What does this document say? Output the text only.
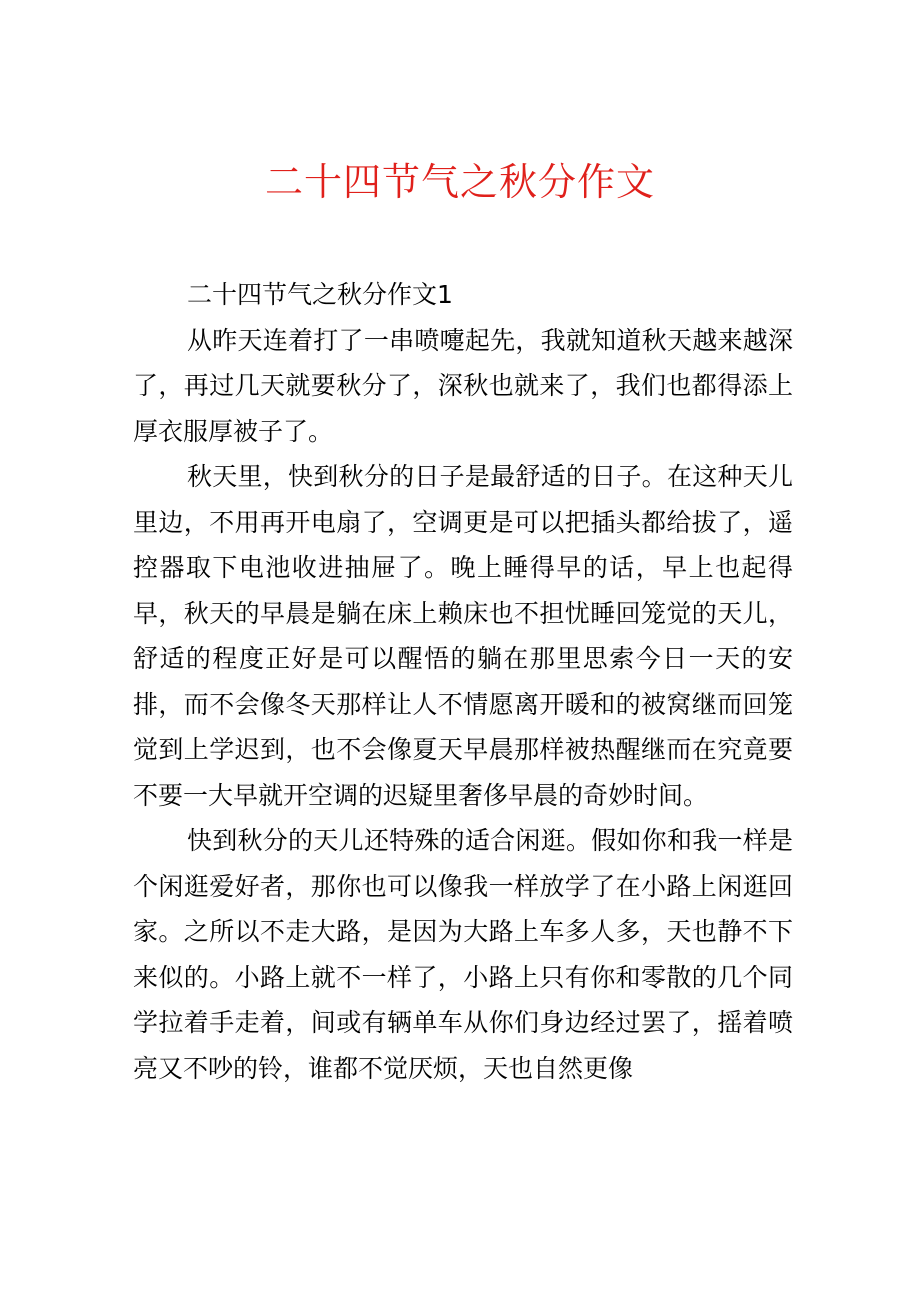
二十四节气之秋分作文
二十四节气之秋分作文1

从昨天连着打了一串喷嚏起先，我就知道秋天越来越深了，再过几天就要秋分了，深秋也就来了，我们也都得添上厚衣服厚被子了。

秋天里，快到秋分的日子是最舒适的日子。在这种天儿里边，不用再开电扇了，空调更是可以把插头都给拔了，遥控器取下电池收进抽屉了。晚上睡得早的话，早上也起得早，秋天的早晨是躺在床上赖床也不担忧睡回笼觉的天儿，舒适的程度正好是可以醒悟的躺在那里思索今日一天的安排，而不会像冬天那样让人不情愿离开暖和的被窝继而回笼觉到上学迟到，也不会像夏天早晨那样被热醒继而在究竟要不要一大早就开空调的迟疑里奢侈早晨的奇妙时间。

快到秋分的天儿还特殊的适合闲逛。假如你和我一样是个闲逛爱好者，那你也可以像我一样放学了在小路上闲逛回家。之所以不走大路，是因为大路上车多人多，天也静不下来似的。小路上就不一样了，小路上只有你和零散的几个同学拉着手走着，间或有辆单车从你们身边经过罢了，摇着喷亮又不吵的铃，谁都不觉厌烦，天也自然更像
